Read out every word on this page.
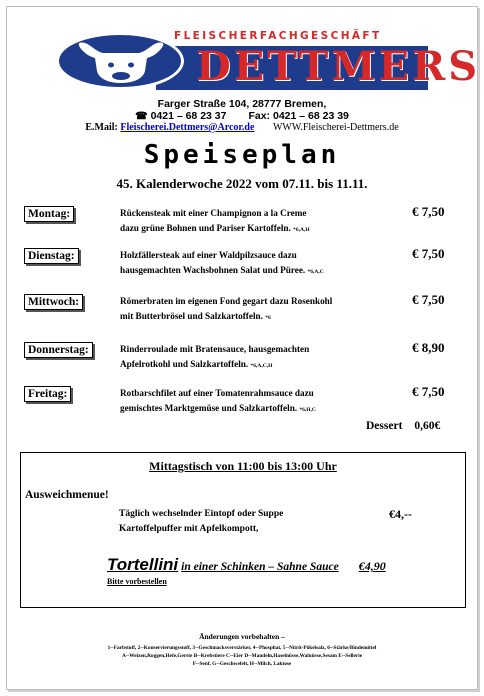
FLEISCHERFACHGESCHÄFT
DETTMERS
Farger Straße 104, 28777 Bremen,
☎ 0421 – 68 23 37 Fax: 0421 – 68 23 39
E.Mail: Fleischerei.Dettmers@Arcor.de WWW.Fleischerei-Dettmers.de
Speiseplan
45. Kalenderwoche 2022 vom 07.11. bis 11.11.
Montag:	Rückensteak mit einer Champignon a la Creme
dazu grüne Bohnen und Pariser Kartoffeln. *6,A,H
€ 7,50
Dienstag:	Holzfällersteak auf einer Waldpilzsauce dazu
hausgemachten Wachsbohnen Salat und Püree. *6,A,C
€ 7,50
Mittwoch:	Römerbraten im eigenen Fond gegart dazu Rosenkohl
mit Butterbrösel und Salzkartoffeln. *6
€ 7,50
Donnerstag:	Rinderroulade mit Bratensauce, hausgemachten
Apfelrotkohl und Salzkartoffeln. *6,A,C,H
€ 8,90
Freitag:	Rotbarschfilet auf einer Tomatenrahmsauce dazu
gemischtes Marktgemüse und Salzkartoffeln. *6,H,C
€ 7,50
Dessert 0,60€
Mittagstisch von 11:00 bis 13:00 Uhr
Ausweichmenue!
Täglich wechselnder Eintopf oder Suppe
Kartoffelpuffer mit Apfelkompott,
€4,--
Tortellini in einer Schinken – Sahne Sauce €4,90
Bitte vorbestellen
Änderungen vorbehalten –
1--Farbstoff, 2--Konservierungsstoff, 3--Geschmacksverstärker, 4--Phosphat, 5--Nitrit-Pökelsalz, 6--Stärke/Bindemittel
A--Weizen,Roggen,Hefe,Gerste B--Krebstiere C--Eier D--Mandeln,Haselnüsse,Walnüsse,Sesam E--Sellerie
F--Senf, G--Geschwefelt, H--Milch, Laktose
